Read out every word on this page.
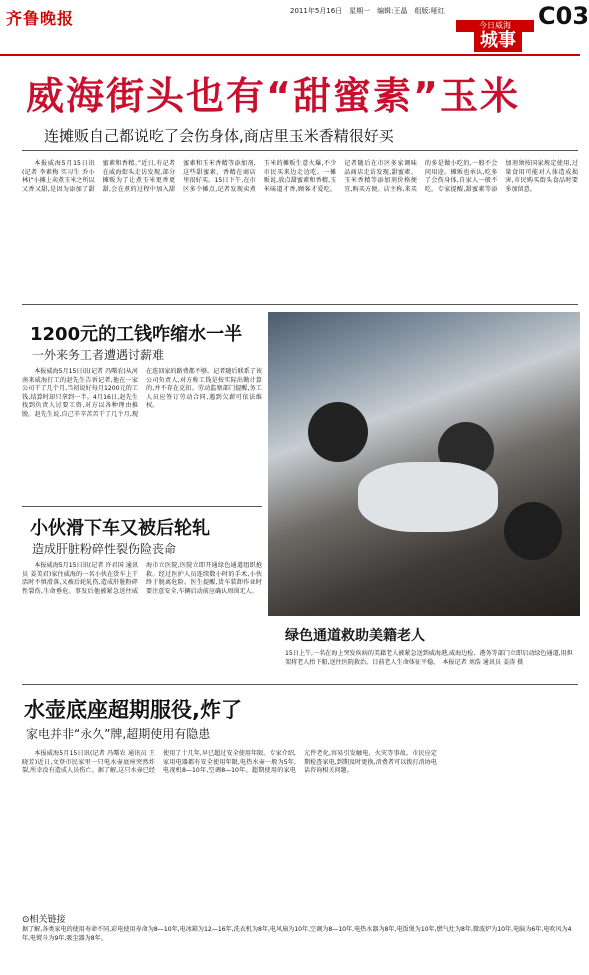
齐鲁晚报	2011年5月16日　星期一　编辑:王晶　组版:哑红	C03
今日威海
城事
威海街头也有“甜蜜素”玉米
连摊贩自己都说吃了会伤身体,商店里玉米香精很好买

本报威海5月15日讯(记者 李素梅 实习生 乔小林)“小摊上卖煮玉米之所以又香又甜,是因为添加了甜蜜素和香精。”近日,有记者在威海街头走访发现,部分摊贩为了让煮玉米更香更甜,会在煮的过程中加入甜蜜素和玉米香精等添加剂,这些甜蜜素、香精在商店里很好买。15日下午,在市区多个摊点,记者发现卖煮玉米的摊贩生意火爆,不少市民买来边走边吃。一摊贩说,放点甜蜜素和香精,玉米味道才香,顾客才爱吃。记者随后在市区多家调味品商店走访发现,甜蜜素、玉米香精等添加剂价格便宜,购买方便。店主称,来买的多是做小吃的,一般不会问用途。摊贩也承认,吃多了会伤身体,自家人一般不吃。专家提醒,甜蜜素等添加剂须按国家规定使用,过量食用可能对人体造成损害,市民购买街头食品时要多加留意。

1200元的工钱咋缩水一半
一外来务工者遭遇讨薪难

本报威海5月15日讯(记者 冯曙农)从河南来威海打工的赵先生告诉记者,他在一家公司干了几个月,当初说好每月1200元的工钱,结算时却只拿到一半。4月16日,赵先生找到负责人讨要工资,对方以各种理由推脱。赵先生说,自己辛辛苦苦干了几个月,现在连回家的路费都不够。记者随后联系了该公司负责人,对方称工钱是按实际出勤计算的,并不存在克扣。劳动监察部门提醒,务工人员应签订劳动合同,遇到欠薪可依法维权。

小伙滑下车又被后轮轧
造成肝脏粉碎性裂伤险丧命

本报威海5月15日讯(记者 许君国 通讯员 姜美君)家住威海的一名小伙在货车上干活时不慎滑落,又被后轮轧伤,造成肝脏粉碎性裂伤,生命垂危。事发后他被紧急送往威海市立医院,医院立即开通绿色通道组织抢救。经过医护人员连续数小时的手术,小伙终于脱离危险。医生提醒,货车装卸作业时要注意安全,车辆启动前应确认周围无人。

绿色通道救助美籍老人
15日上午,一名在海上突发疾病的美籍老人被紧急送到威海港,威海边检、港务等部门立即启动绿色通道,用担架将老人抬下船,送往医院救治。目前老人生命体征平稳。　本报记者 刘浩 通讯员 姜涛 摄
水壶底座超期服役,炸了
家电并非“永久”牌,超期使用有隐患

本报威海5月15日讯(记者 冯曙农 通讯员 王晓芳)近日,文登市民家里一只电水壶底座突然炸裂,所幸没有造成人员伤亡。据了解,这只水壶已经使用了十几年,早已超过安全使用年限。专家介绍,家用电器都有安全使用年限,电热水壶一般为5年,电视机8—10年,空调8—10年。超期使用的家电元件老化,容易引发触电、火灾等事故。市民应定期检查家电,到期及时更换,消费者可以拨打消协电话咨询相关问题。

⊙相关链接
据了解,各类家电的使用寿命不同,彩电使用寿命为8—10年,电冰箱为12—16年,洗衣机为8年,电风扇为10年,空调为8—10年,电热水器为8年,电饭煲为10年,燃气灶为8年,微波炉为10年,电脑为6年,电吹风为4年,电熨斗为9年,吸尘器为8年。
